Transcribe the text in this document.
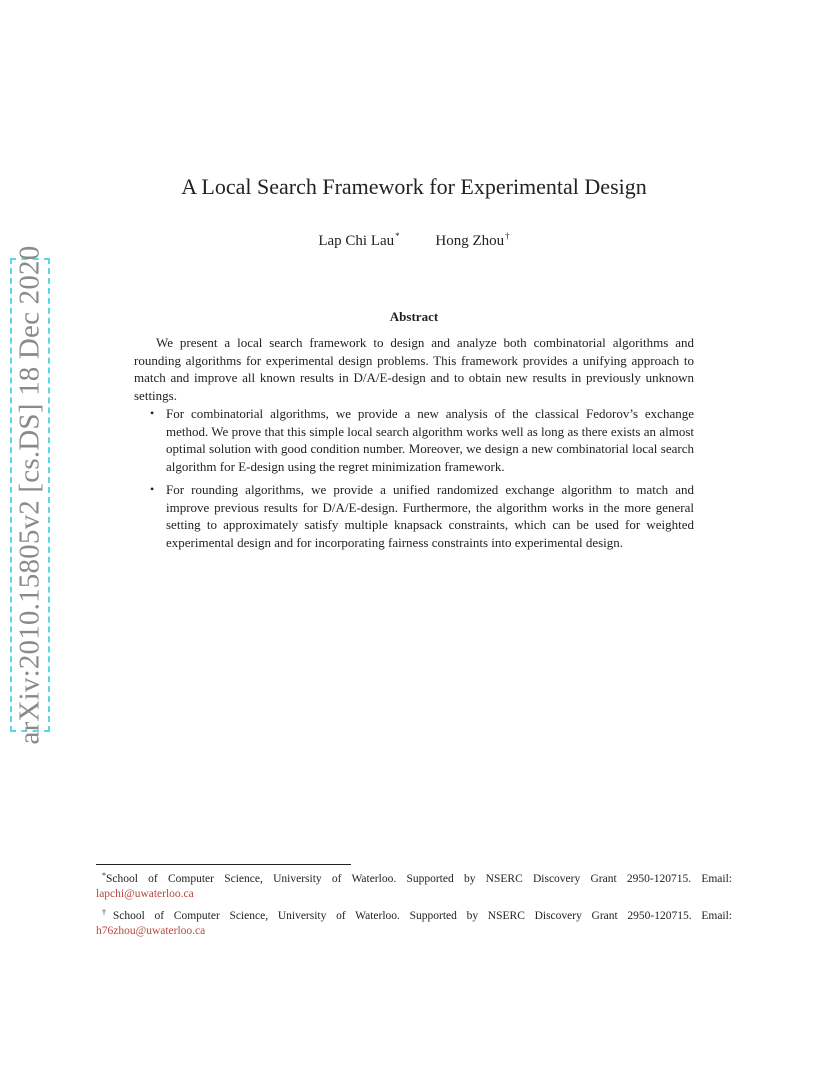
arXiv:2010.15805v2 [cs.DS] 18 Dec 2020
A Local Search Framework for Experimental Design
Lap Chi Lau* Hong Zhou†
Abstract

We present a local search framework to design and analyze both combinatorial algorithms and rounding algorithms for experimental design problems. This framework provides a unifying approach to match and improve all known results in D/A/E-design and to obtain new results in previously unknown settings.

• For combinatorial algorithms, we provide a new analysis of the classical Fedorov’s exchange method. We prove that this simple local search algorithm works well as long as there exists an almost optimal solution with good condition number. Moreover, we design a new combinatorial local search algorithm for E-design using the regret minimization framework.
• For rounding algorithms, we provide a unified randomized exchange algorithm to match and improve previous results for D/A/E-design. Furthermore, the algorithm works in the more general setting to approximately satisfy multiple knapsack constraints, which can be used for weighted experimental design and for incorporating fairness constraints into experimental design.

*School of Computer Science, University of Waterloo. Supported by NSERC Discovery Grant 2950-120715. Email: lapchi@uwaterloo.ca

†School of Computer Science, University of Waterloo. Supported by NSERC Discovery Grant 2950-120715. Email: h76zhou@uwaterloo.ca
